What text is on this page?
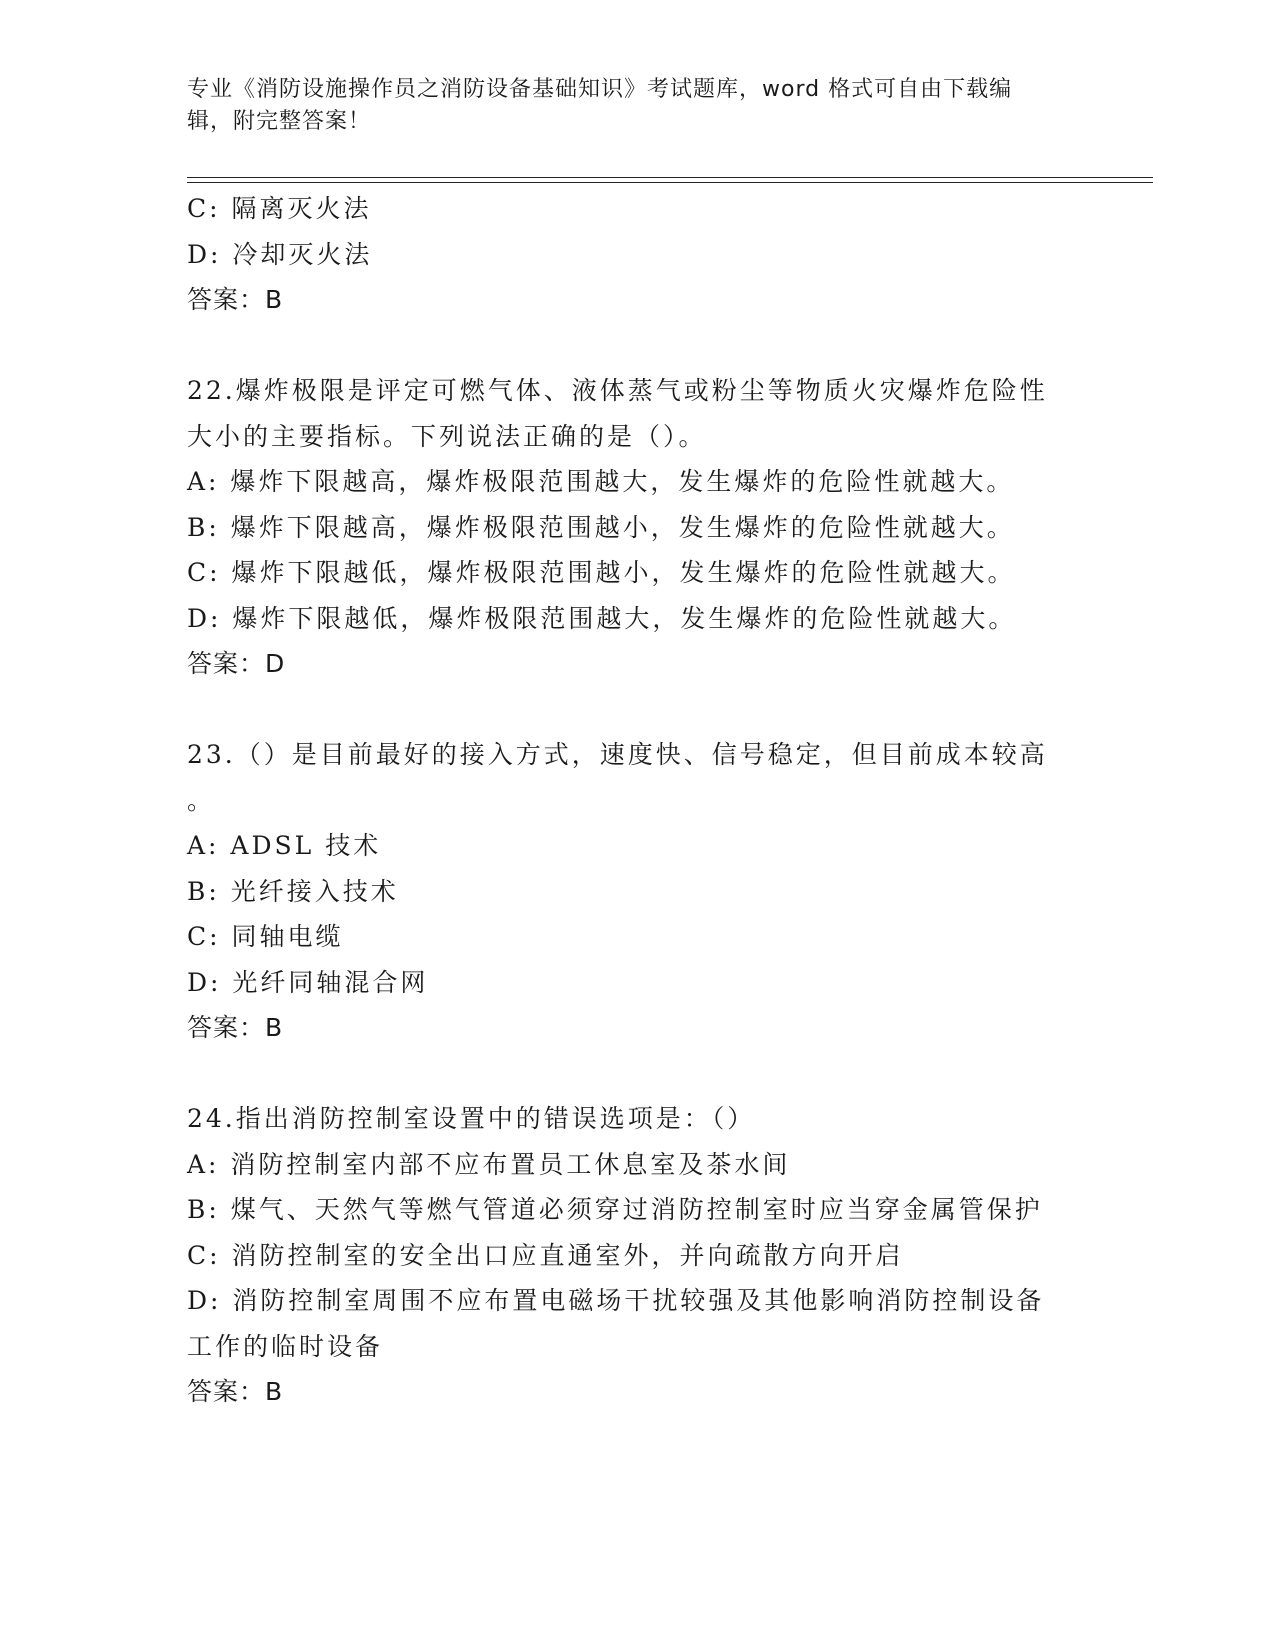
专业《消防设施操作员之消防设备基础知识》考试题库，word 格式可自由下载编
辑，附完整答案！
C: 隔离灭火法
D: 冷却灭火法
答案：B
22.爆炸极限是评定可燃气体、液体蒸气或粉尘等物质火灾爆炸危险性
大小的主要指标。下列说法正确的是（）。
A: 爆炸下限越高，爆炸极限范围越大，发生爆炸的危险性就越大。
B: 爆炸下限越高，爆炸极限范围越小，发生爆炸的危险性就越大。
C: 爆炸下限越低，爆炸极限范围越小，发生爆炸的危险性就越大。
D: 爆炸下限越低，爆炸极限范围越大，发生爆炸的危险性就越大。
答案：D
23.（）是目前最好的接入方式，速度快、信号稳定，但目前成本较高
。
A: ADSL 技术
B: 光纤接入技术
C: 同轴电缆
D: 光纤同轴混合网
答案：B
24.指出消防控制室设置中的错误选项是：（）
A: 消防控制室内部不应布置员工休息室及茶水间
B: 煤气、天然气等燃气管道必须穿过消防控制室时应当穿金属管保护
C: 消防控制室的安全出口应直通室外，并向疏散方向开启
D: 消防控制室周围不应布置电磁场干扰较强及其他影响消防控制设备
工作的临时设备
答案：B
